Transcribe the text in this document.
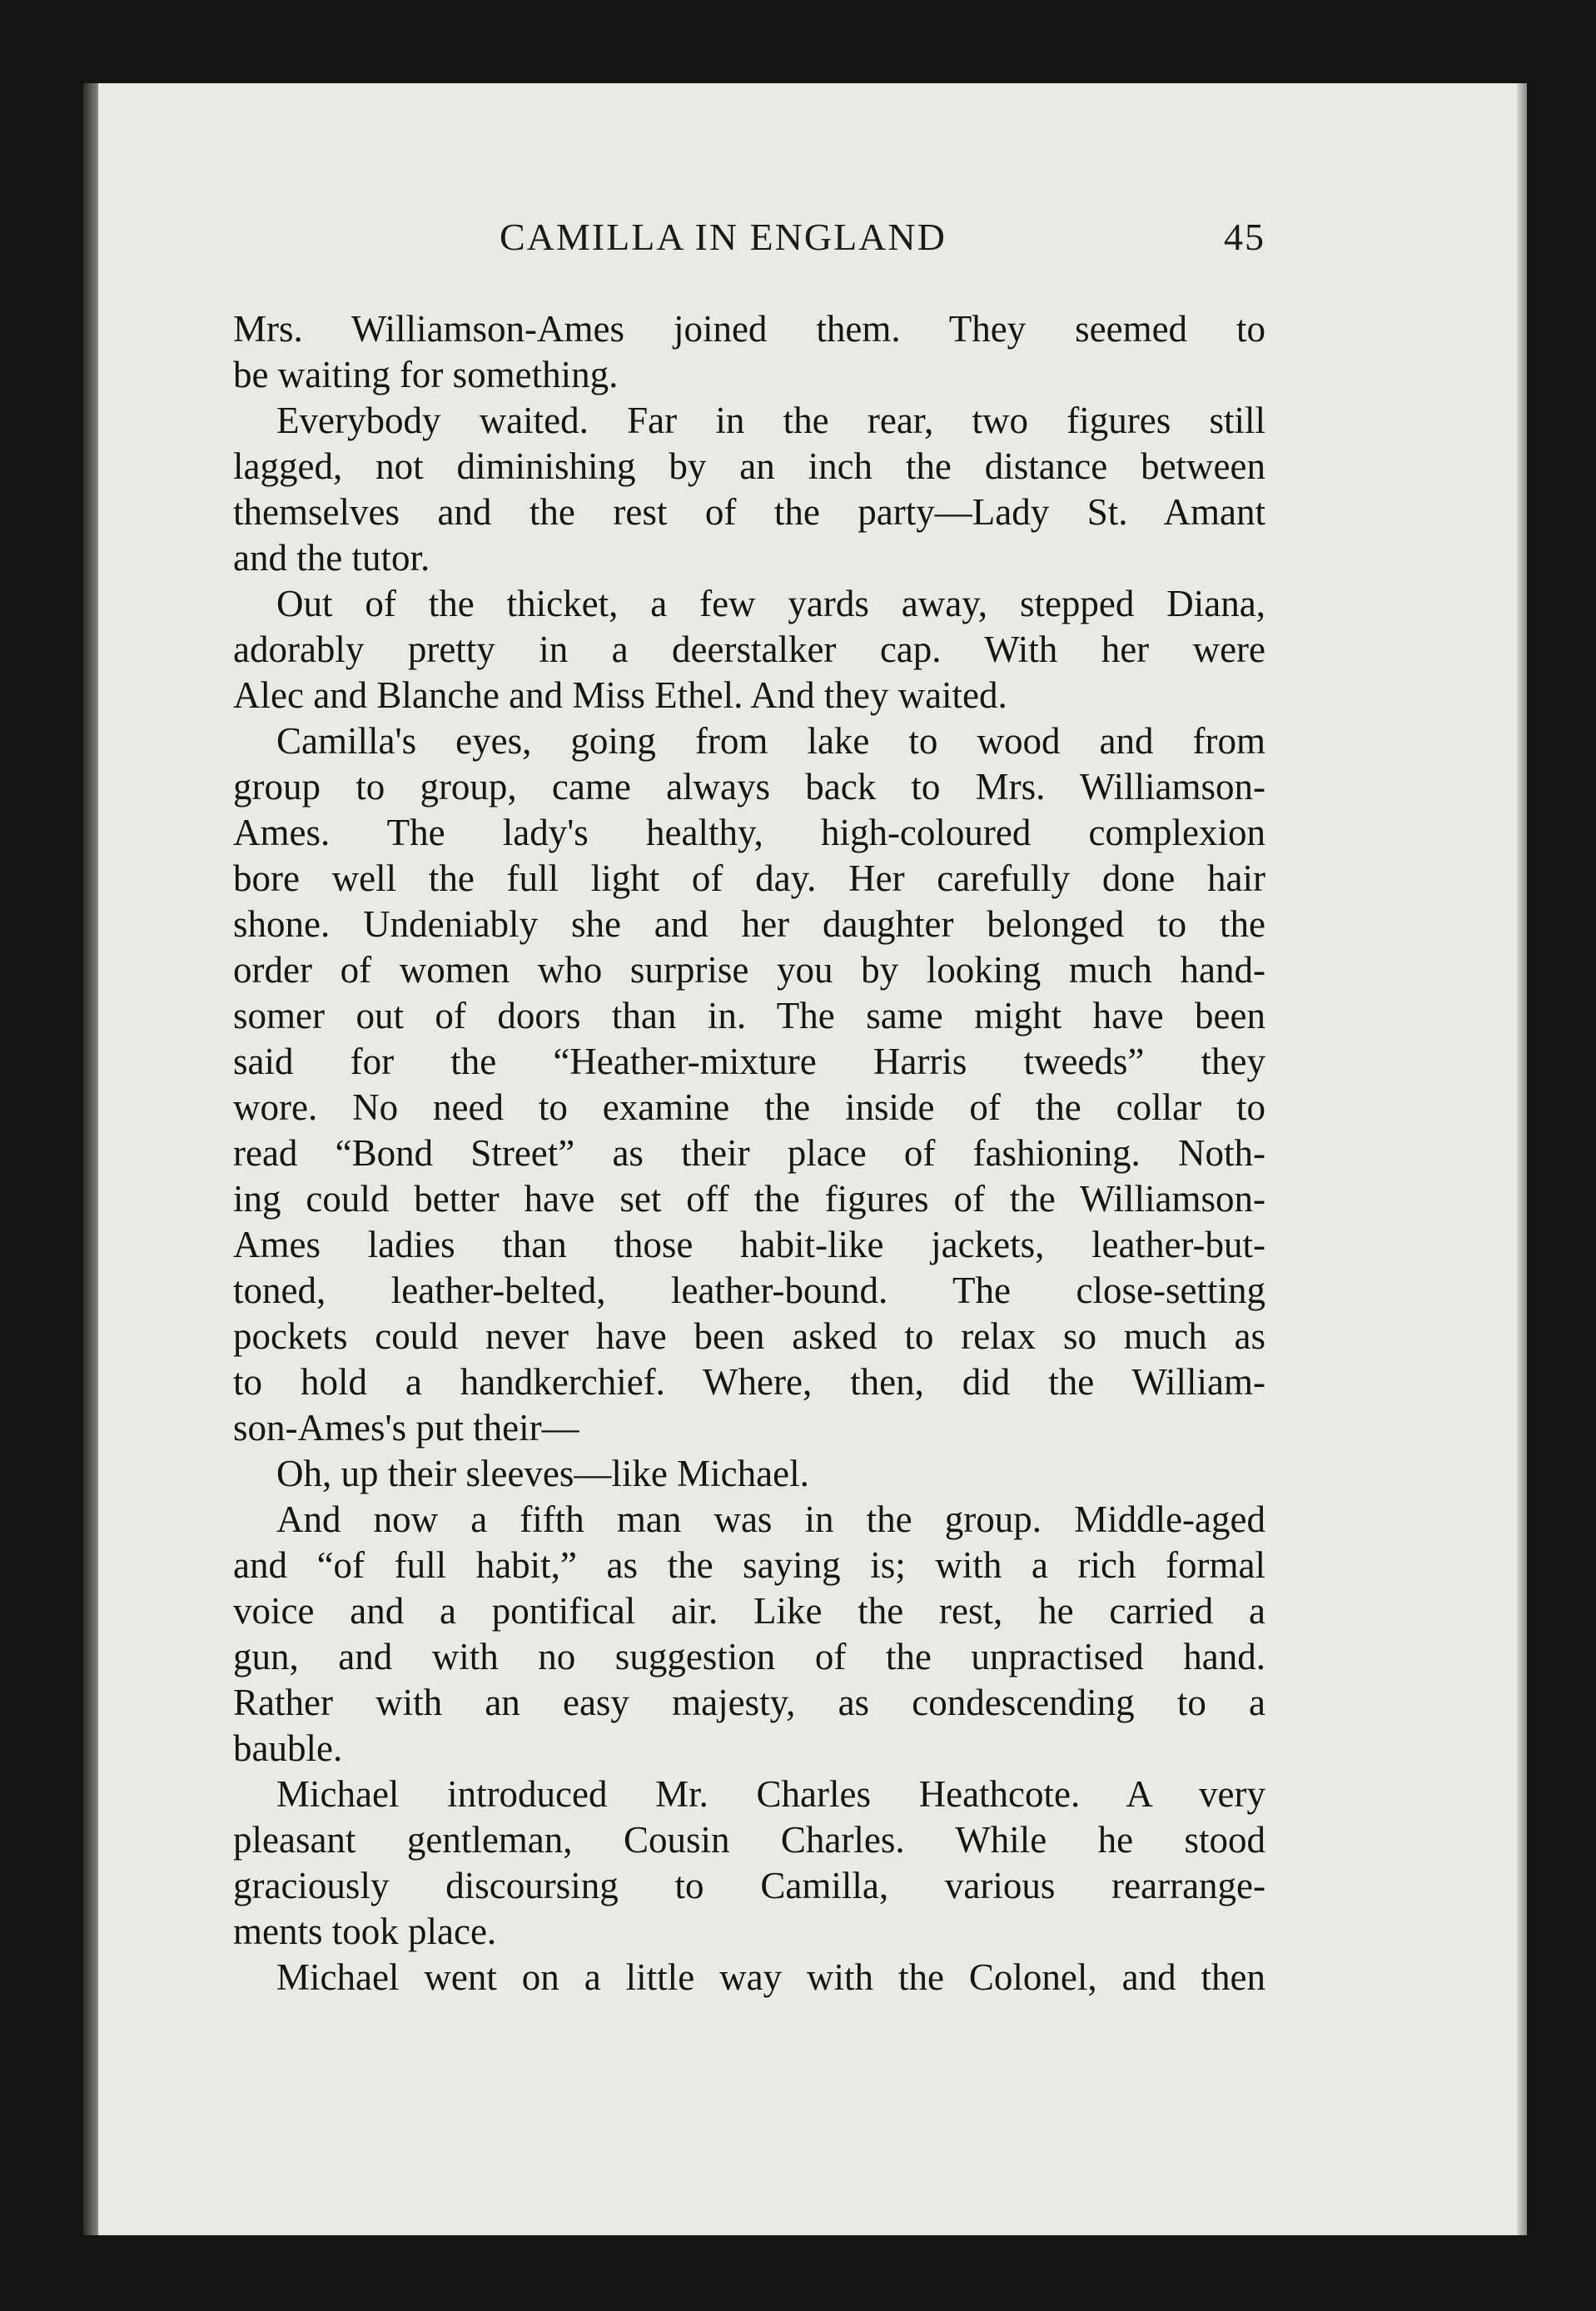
CAMILLA IN ENGLAND	45
Mrs. Williamson-Ames joined them. They seemed to
be waiting for something.
Everybody waited. Far in the rear, two figures still
lagged, not diminishing by an inch the distance between
themselves and the rest of the party—Lady St. Amant
and the tutor.
Out of the thicket, a few yards away, stepped Diana,
adorably pretty in a deerstalker cap. With her were
Alec and Blanche and Miss Ethel. And they waited.
Camilla's eyes, going from lake to wood and from
group to group, came always back to Mrs. Williamson-
Ames. The lady's healthy, high-coloured complexion
bore well the full light of day. Her carefully done hair
shone. Undeniably she and her daughter belonged to the
order of women who surprise you by looking much hand-
somer out of doors than in. The same might have been
said for the “Heather-mixture Harris tweeds” they
wore. No need to examine the inside of the collar to
read “Bond Street” as their place of fashioning. Noth-
ing could better have set off the figures of the Williamson-
Ames ladies than those habit-like jackets, leather-but-
toned, leather-belted, leather-bound. The close-setting
pockets could never have been asked to relax so much as
to hold a handkerchief. Where, then, did the William-
son-Ames's put their—
Oh, up their sleeves—like Michael.
And now a fifth man was in the group. Middle-aged
and “of full habit,” as the saying is; with a rich formal
voice and a pontifical air. Like the rest, he carried a
gun, and with no suggestion of the unpractised hand.
Rather with an easy majesty, as condescending to a
bauble.
Michael introduced Mr. Charles Heathcote. A very
pleasant gentleman, Cousin Charles. While he stood
graciously discoursing to Camilla, various rearrange-
ments took place.
Michael went on a little way with the Colonel, and then
